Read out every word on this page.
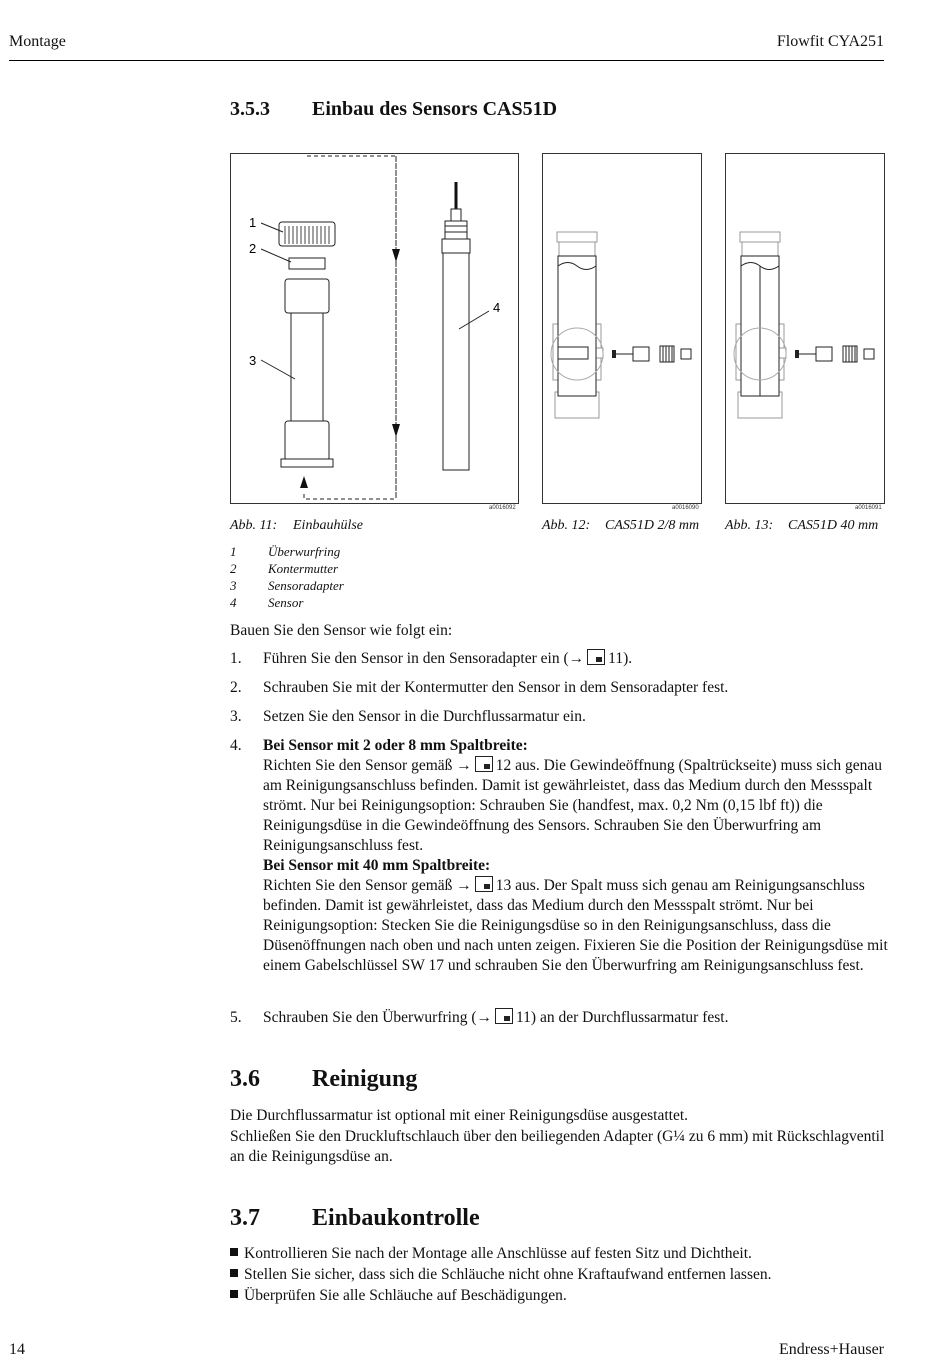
Montage	Flowfit CYA251
3.5.3 Einbau des Sensors CAS51D
1
2
3
4
a0016092	a0016090	a0016091
Abb. 11: Einbauhülse	Abb. 12: CAS51D 2/8 mm Abb. 13: CAS51D 40 mm
1 Überwurfring
2 Kontermutter
3 Sensoradapter
4 Sensor
Bauen Sie den Sensor wie folgt ein:
1. Führen Sie den Sensor in den Sensoradapter ein (→ 11).
2. Schrauben Sie mit der Kontermutter den Sensor in dem Sensoradapter fest.
3. Setzen Sie den Sensor in die Durchflussarmatur ein.
4. Bei Sensor mit 2 oder 8 mm Spaltbreite:
Richten Sie den Sensor gemäß → 12 aus. Die Gewindeöffnung (Spaltrückseite) muss sich genau am Reinigungsanschluss befinden. Damit ist gewährleistet, dass das Medium durch den Messspalt strömt. Nur bei Reinigungsoption: Schrauben Sie (handfest, max. 0,2 Nm (0,15 lbf ft)) die Reinigungsdüse in die Gewindeöffnung des Sensors. Schrauben Sie den Überwurfring am Reinigungsanschluss fest.
Bei Sensor mit 40 mm Spaltbreite:
Richten Sie den Sensor gemäß → 13 aus. Der Spalt muss sich genau am Reinigungsanschluss befinden. Damit ist gewährleistet, dass das Medium durch den Messspalt strömt. Nur bei Reinigungsoption: Stecken Sie die Reinigungsdüse so in den Reinigungsanschluss, dass die Düsenöffnungen nach oben und nach unten zeigen. Fixieren Sie die Position der Reinigungsdüse mit einem Gabelschlüssel SW 17 und schrauben Sie den Überwurfring am Reinigungsanschluss fest.
5. Schrauben Sie den Überwurfring (→ 11) an der Durchflussarmatur fest.
3.6 Reinigung
Die Durchflussarmatur ist optional mit einer Reinigungsdüse ausgestattet.
Schließen Sie den Druckluftschlauch über den beiliegenden Adapter (G¼ zu 6 mm) mit Rückschlagventil an die Reinigungsdüse an.
3.7 Einbaukontrolle
Kontrollieren Sie nach der Montage alle Anschlüsse auf festen Sitz und Dichtheit.
Stellen Sie sicher, dass sich die Schläuche nicht ohne Kraftaufwand entfernen lassen.
Überprüfen Sie alle Schläuche auf Beschädigungen.
14	Endress+Hauser
